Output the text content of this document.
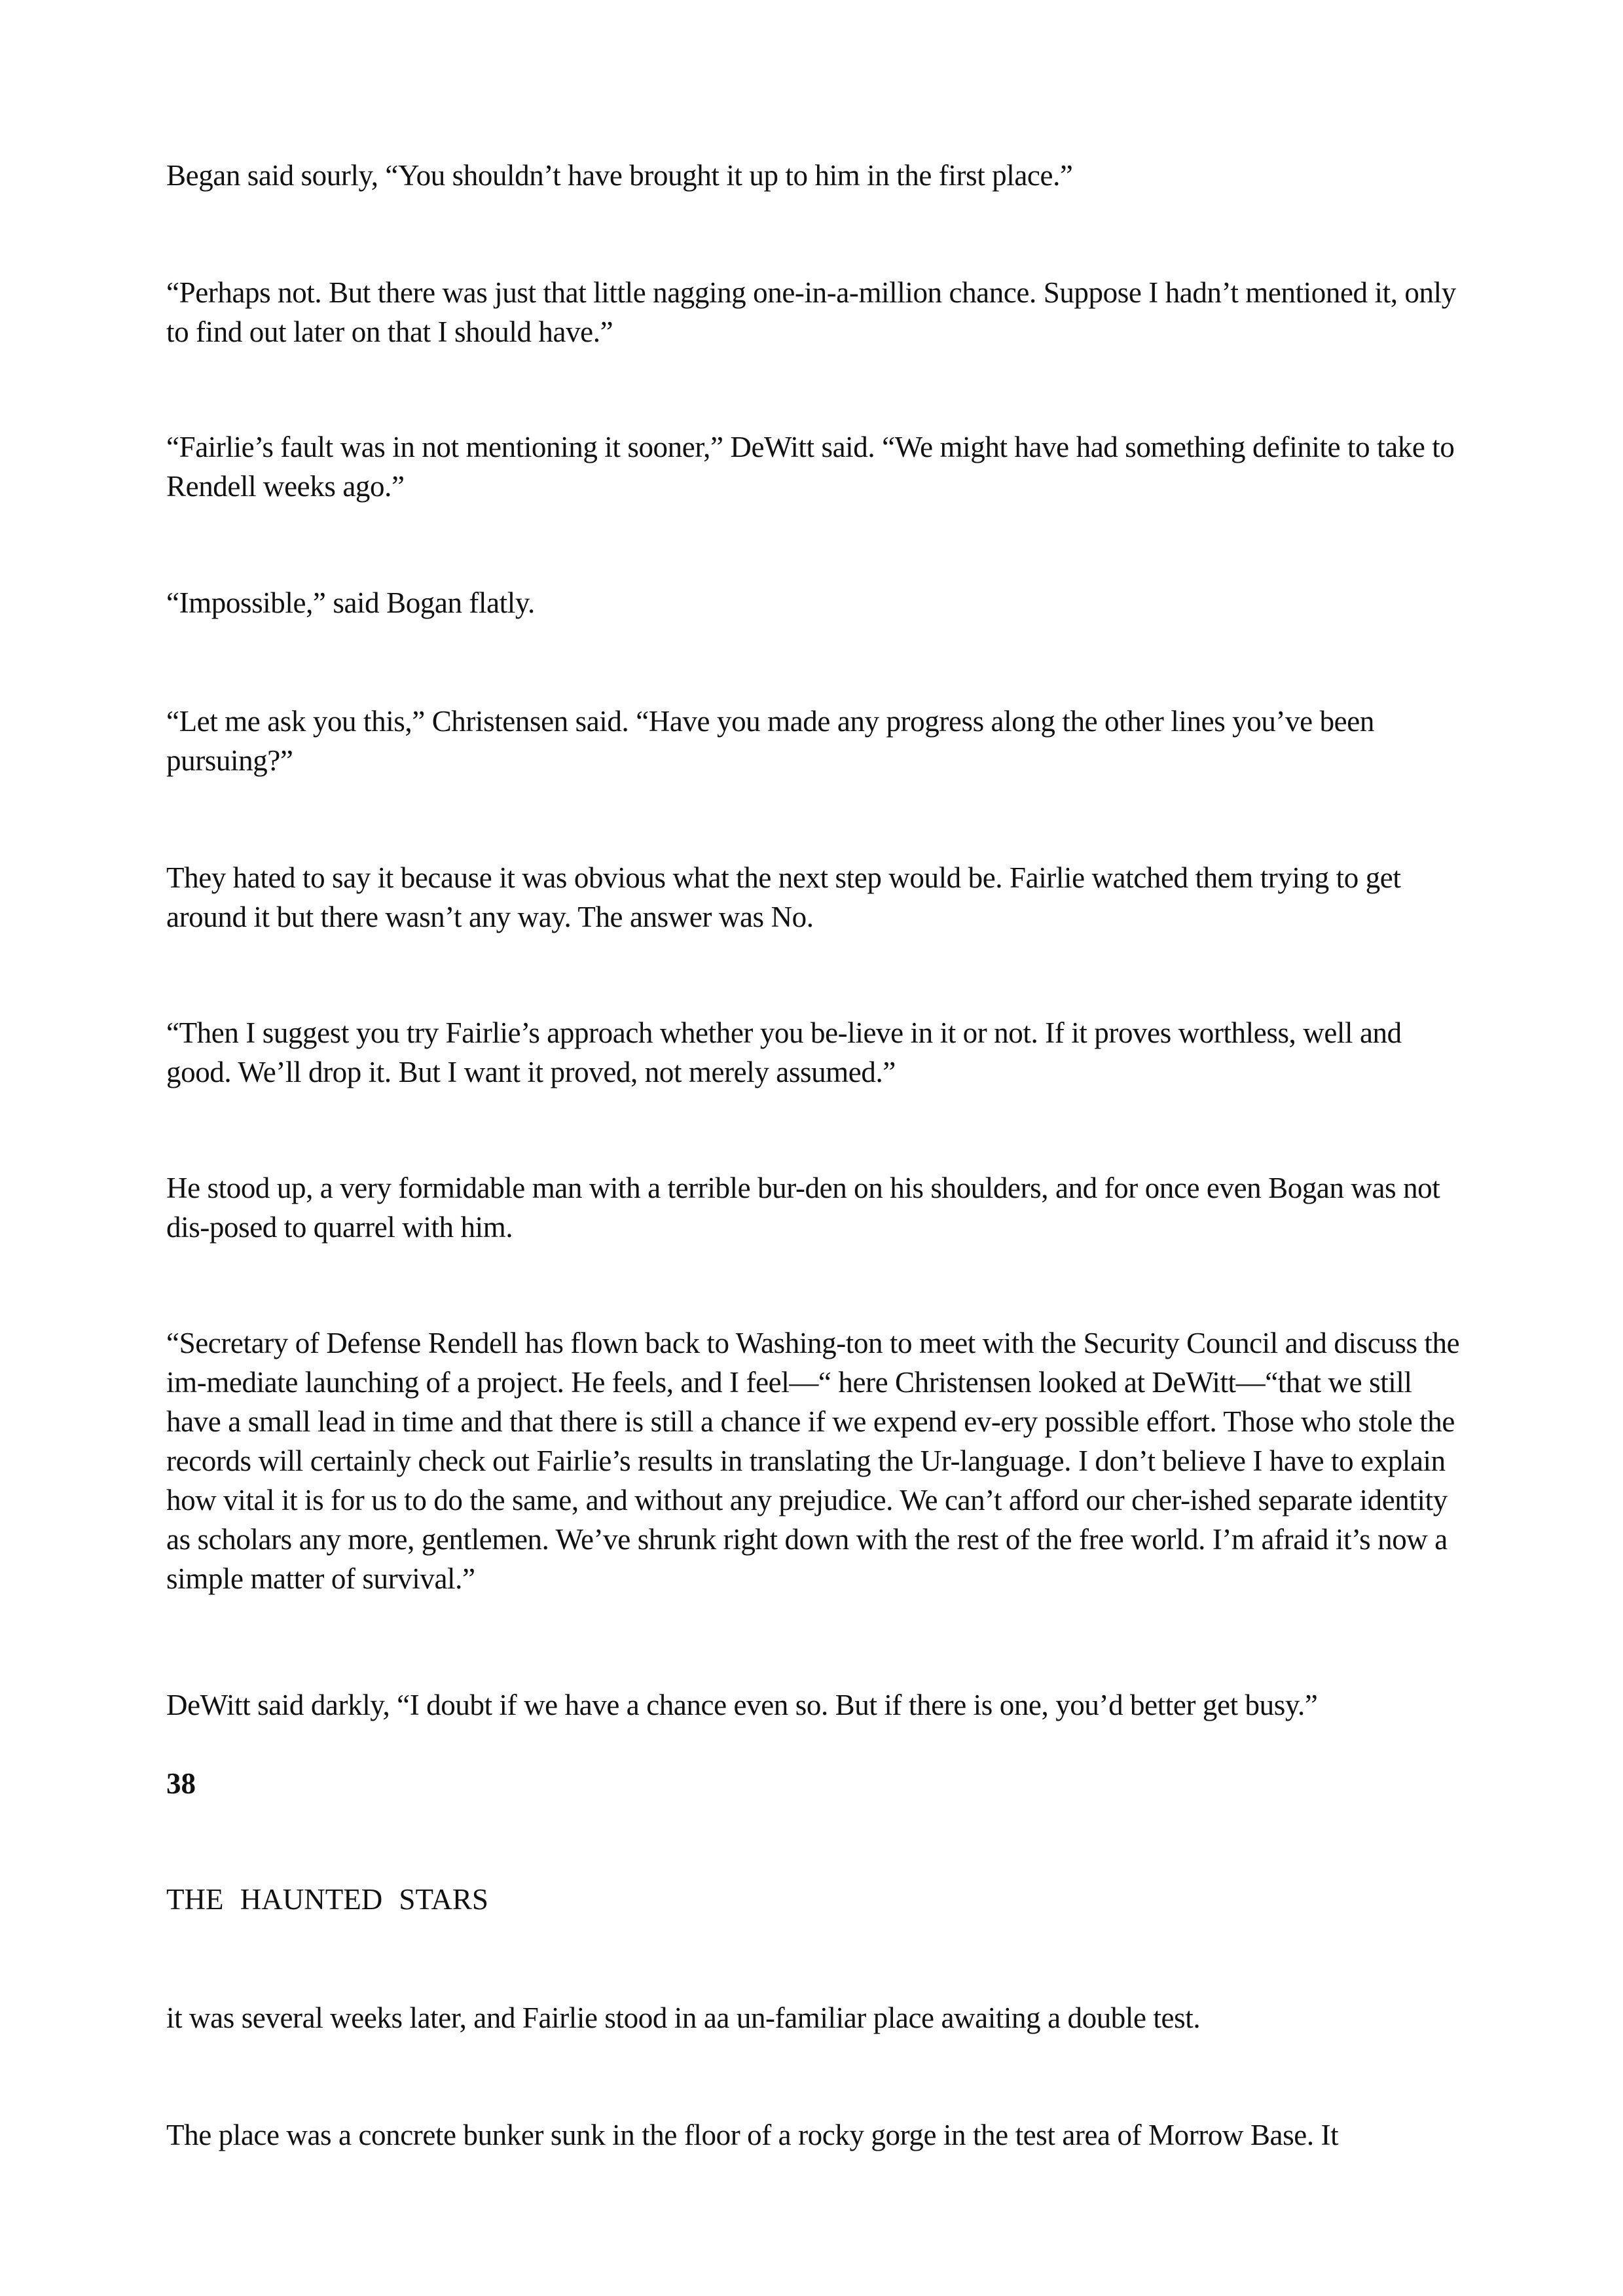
Began said sourly, “You shouldn’t have brought it up to him in the first place.”

“Perhaps not. But there was just that little nagging one-in-a-million chance. Suppose I hadn’t mentioned it, only to find out later on that I should have.”

“Fairlie’s fault was in not mentioning it sooner,” DeWitt said. “We might have had something definite to take to Rendell weeks ago.”

“Impossible,” said Bogan flatly.

“Let me ask you this,” Christensen said. “Have you made any progress along the other lines you’ve been pursuing?”

They hated to say it because it was obvious what the next step would be. Fairlie watched them trying to get around it but there wasn’t any way. The answer was No.

“Then I suggest you try Fairlie’s approach whether you be-lieve in it or not. If it proves worthless, well and good. We’ll drop it. But I want it proved, not merely assumed.”

He stood up, a very formidable man with a terrible bur-den on his shoulders, and for once even Bogan was not dis-posed to quarrel with him.

“Secretary of Defense Rendell has flown back to Washing-ton to meet with the Security Council and discuss the im-mediate launching of a project. He feels, and I feel—“ here Christensen looked at DeWitt—“that we still have a small lead in time and that there is still a chance if we expend ev-ery possible effort. Those who stole the records will certainly check out Fairlie’s results in translating the Ur-language. I don’t believe I have to explain how vital it is for us to do the same, and without any prejudice. We can’t afford our cher-ished separate identity as scholars any more, gentlemen. We’ve shrunk right down with the rest of the free world. I’m afraid it’s now a simple matter of survival.”

DeWitt said darkly, “I doubt if we have a chance even so. But if there is one, you’d better get busy.”

38

THE HAUNTED STARS

it was several weeks later, and Fairlie stood in aa un-familiar place awaiting a double test.

The place was a concrete bunker sunk in the floor of a rocky gorge in the test area of Morrow Base. It
